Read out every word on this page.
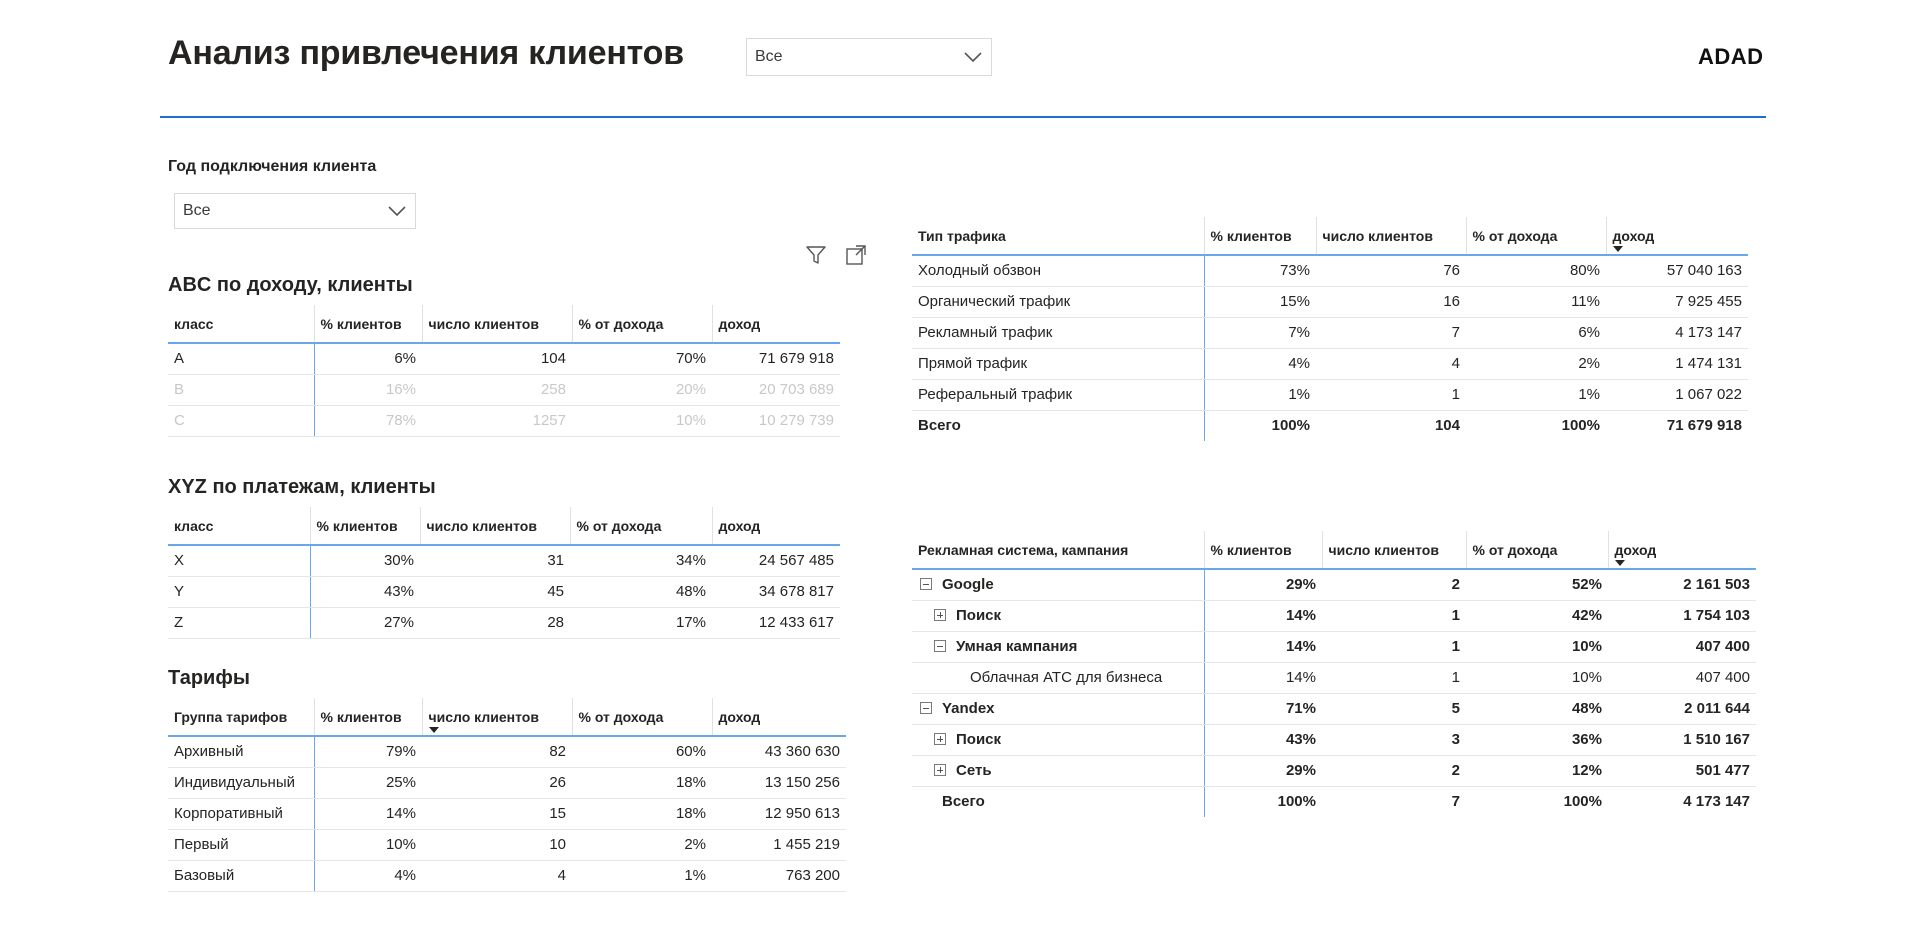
Анализ привлечения клиентов	Все	ADAD
Год подключения клиента
Все
ABC по доходу, клиенты
класс	% клиентов	число клиентов	% от дохода	доход
A	6%	104	70%	71 679 918
B	16%	258	20%	20 703 689
C	78%	1257	10%	10 279 739
XYZ по платежам, клиенты
класс	% клиентов	число клиентов	% от дохода	доход
X	30%	31	34%	24 567 485
Y	43%	45	48%	34 678 817
Z	27%	28	17%	12 433 617
Тарифы
Группа тарифов	% клиентов	число клиентов	% от дохода	доход
Архивный	79%	82	60%	43 360 630
Индивидуальный	25%	26	18%	13 150 256
Корпоративный	14%	15	18%	12 950 613
Первый	10%	10	2%	1 455 219
Базовый	4%	4	1%	763 200
Тип трафика	% клиентов	число клиентов	% от дохода	доход

Холодный обзвон	73%	76	80%	57 040 163
Органический трафик	15%	16	11%	7 925 455
Рекламный трафик	7%	7	6%	4 173 147
Прямой трафик	4%	4	2%	1 474 131
Реферальный трафик	1%	1	1%	1 067 022
Всего	100%	104	100%	71 679 918
Рекламная система, кампания	% клиентов	число клиентов	% от дохода	доход

Google	29%	2	52%	2 161 503
Поиск	14%	1	42%	1 754 103
Умная кампания	14%	1	10%	407 400
Облачная АТС для бизнеса	14%	1	10%	407 400
Yandex	71%	5	48%	2 011 644
Поиск	43%	3	36%	1 510 167
Сеть	29%	2	12%	501 477
Всего	100%	7	100%	4 173 147
